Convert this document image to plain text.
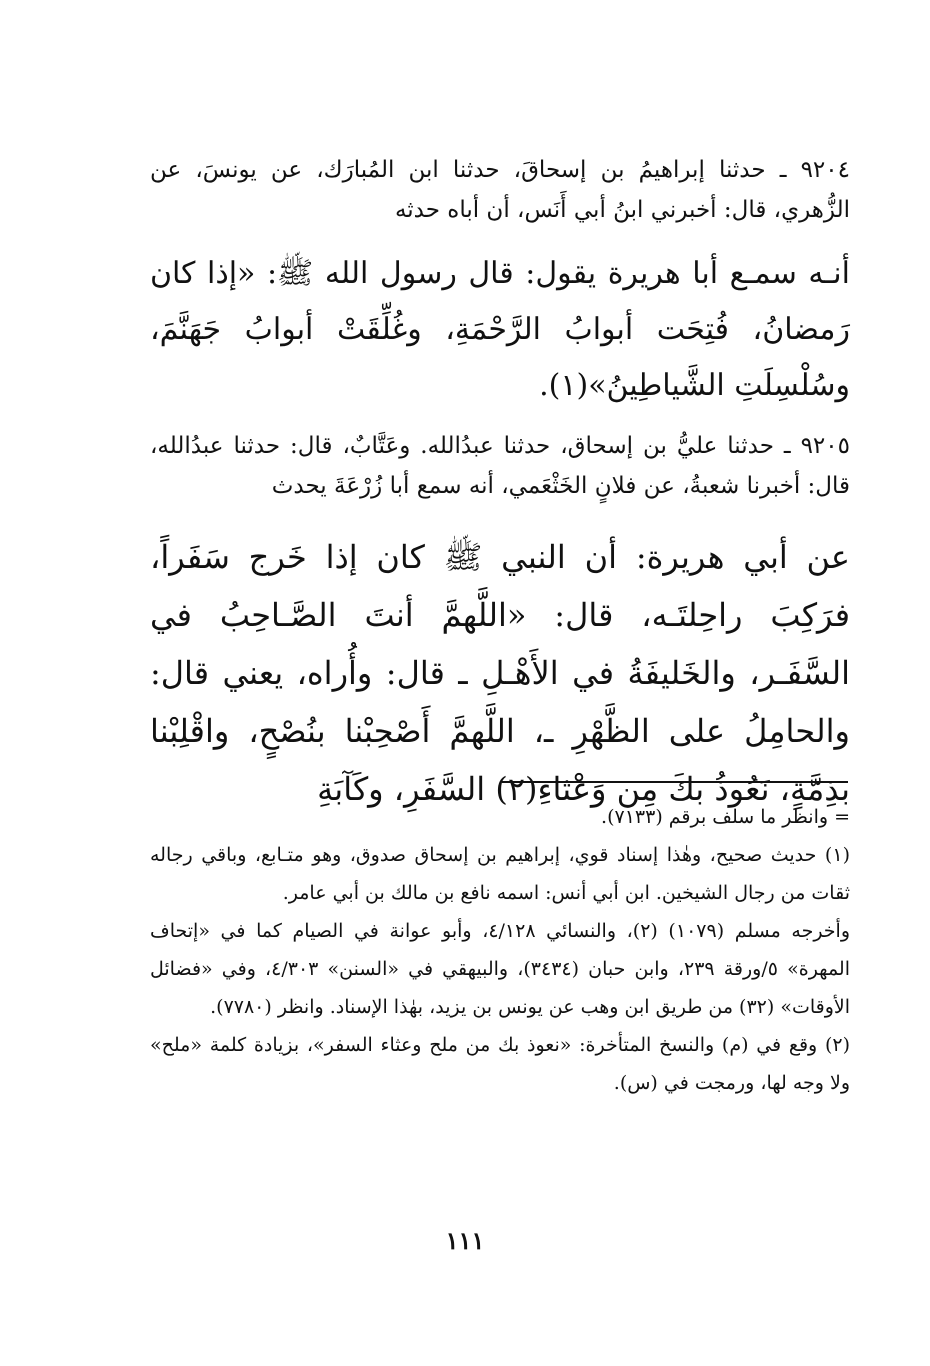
٩٢٠٤ ـ حدثنا إبراهيمُ بن إسحاقَ، حدثنا ابن المُبارَك، عن يونسَ، عن الزُّهري، قال: أخبرني ابنُ أبي أَنَس، أن أباه حدثه

أنـه سمـع أبا هريرة يقول: قال رسول الله ﷺ: «إذا كان رَمضانُ، فُتِحَت أبوابُ الرَّحْمَةِ، وغُلِّقَتْ أبوابُ جَهَنَّمَ، وسُلْسِلَتِ الشَّياطِينُ»(١).

٩٢٠٥ ـ حدثنا عليُّ بن إسحاق، حدثنا عبدُالله. وعَتَّابٌ، قال: حدثنا عبدُالله، قال: أخبرنا شعبةُ، عن فلانٍ الخَثْعَمي، أنه سمع أبا زُرْعَةَ يحدث

عن أبي هريرة: أن النبي ﷺ كان إذا خَرج سَفَراً، فرَكِبَ راحِلتَـه، قال: «اللَّهمَّ أنتَ الصَّـاحِبُ في السَّفَـر، والخَليفَةُ في الأَهْـلِ ـ قال: وأُراه، يعني قال: والحامِلُ على الظَّهْرِ ـ، اللَّهمَّ أَصْحِبْنا بنُصْحٍ، واقْلِبْنا بذِمَّةٍ، نَعُوذُ بكَ مِن وَعْثاءِ(٢) السَّفَرِ، وكَآبَةِ

= وانظر ما سلف برقم (٧١٣٣).

(١) حديث صحيح، وهٰذا إسناد قوي، إبراهيم بن إسحاق صدوق، وهو متـابع، وباقي رجاله ثقات من رجال الشيخين. ابن أبي أنس: اسمه نافع بن مالك بن أبي عامر.

وأخرجه مسلم (١٠٧٩) (٢)، والنسائي ٤/١٢٨، وأبو عوانة في الصيام كما في «إتحاف المهرة» ٥/ورقة ٢٣٩، وابن حبان (٣٤٣٤)، والبيهقي في «السنن» ٤/٣٠٣، وفي «فضائل الأوقات» (٣٢) من طريق ابن وهب عن يونس بن يزيد، بهٰذا الإسناد. وانظر (٧٧٨٠).

(٢) وقع في (م) والنسخ المتأخرة: «نعوذ بك من ملح وعثاء السفر»، بزيادة كلمة «ملح» ولا وجه لها، ورمجت في (س).

١١١
